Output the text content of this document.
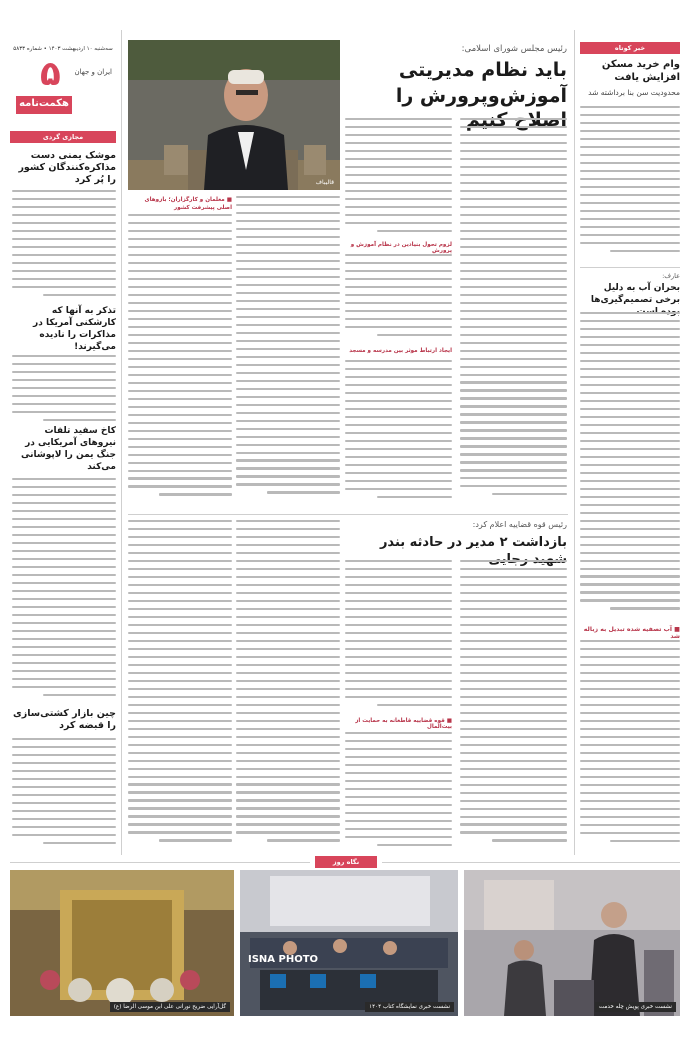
سه‌شنبه ۱۰ اردیبهشت ۱۴۰۳ • شماره ۵۸۳۳
ایران و جهان
۵
هکمت‌نامه
مجازی گردی
موشک یمنی دست مذاکره‌کنندگان کشور را پُر کرد
تذکر به آنها که کارشکنی آمریکا در مذاکرات را نادیده می‌گیرند!
کاخ سفید تلفات نیروهای آمریکایی در جنگ یمن را لاپوشانی می‌کند
چین بازار کشتی‌سازی را قبضه کرد
خبر کوتاه
وام خرید مسکن افزایش یافت
محدودیت سن بنا برداشته شد
عارف:
بحران آب به دلیل برخی تصمیم‌گیری‌ها
■ آب تصفیه شده تبدیل به زباله شد
رئیس مجلس شورای اسلامی:
باید نظام مدیریتی
آموزش‌وپرورش را
قالیباف
لزوم تحول بنیادین در نظام آموزش و پرورش
ایجاد ارتباط موثر بین مدرسه و مسجد
■ معلمان و کارگزاران؛ بازوهای اصلی پیشرفت کشور
رئیس قوه قضاییه اعلام کرد:
بازداشت ۲ مدیر در حادثه بندر
■ قوه قضاییه قاطعانه به حمایت از بیت‌المال
نگاه روز
نشست خبری پویش چله خدمت
ISNA PHOTO
نشست خبری نمایشگاه کتاب ۱۴۰۴
گل‌آرایی ضریح نورانی علی ابن موسی الرضا (ع)
